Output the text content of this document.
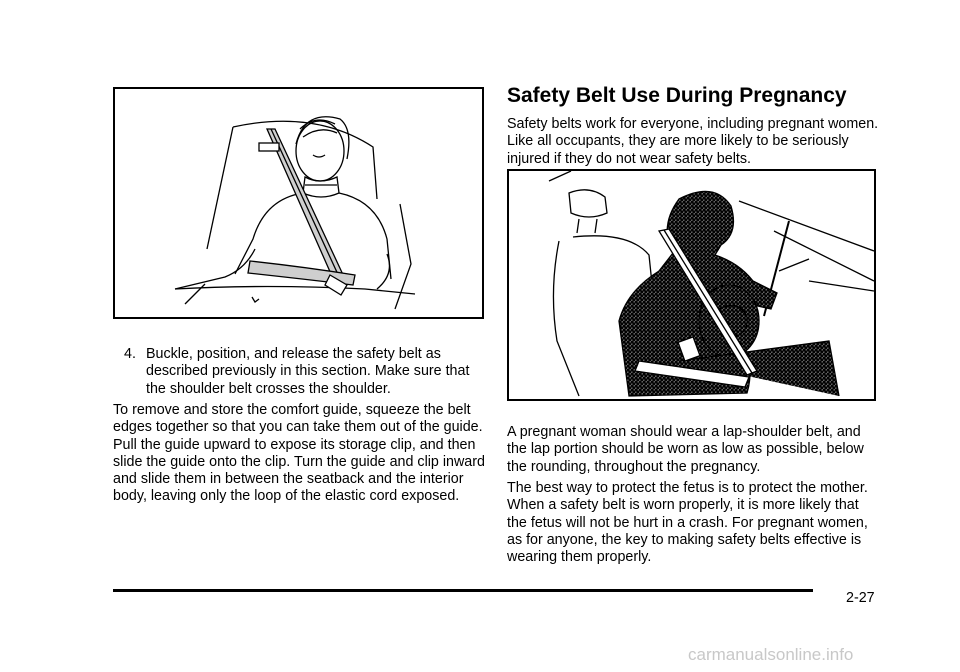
4. Buckle, position, and release the safety belt as described previously in this section. Make sure that the shoulder belt crosses the shoulder.

To remove and store the comfort guide, squeeze the belt edges together so that you can take them out of the guide. Pull the guide upward to expose its storage clip, and then slide the guide onto the clip. Turn the guide and clip inward and slide them in between the seatback and the interior body, leaving only the loop of the elastic cord exposed.

Safety Belt Use During Pregnancy

Safety belts work for everyone, including pregnant women. Like all occupants, they are more likely to be seriously injured if they do not wear safety belts.

A pregnant woman should wear a lap-shoulder belt, and the lap portion should be worn as low as possible, below the rounding, throughout the pregnancy.

The best way to protect the fetus is to protect the mother. When a safety belt is worn properly, it is more likely that the fetus will not be hurt in a crash. For pregnant women, as for anyone, the key to making safety belts effective is wearing them properly.

2-27
carmanualsonline.info
